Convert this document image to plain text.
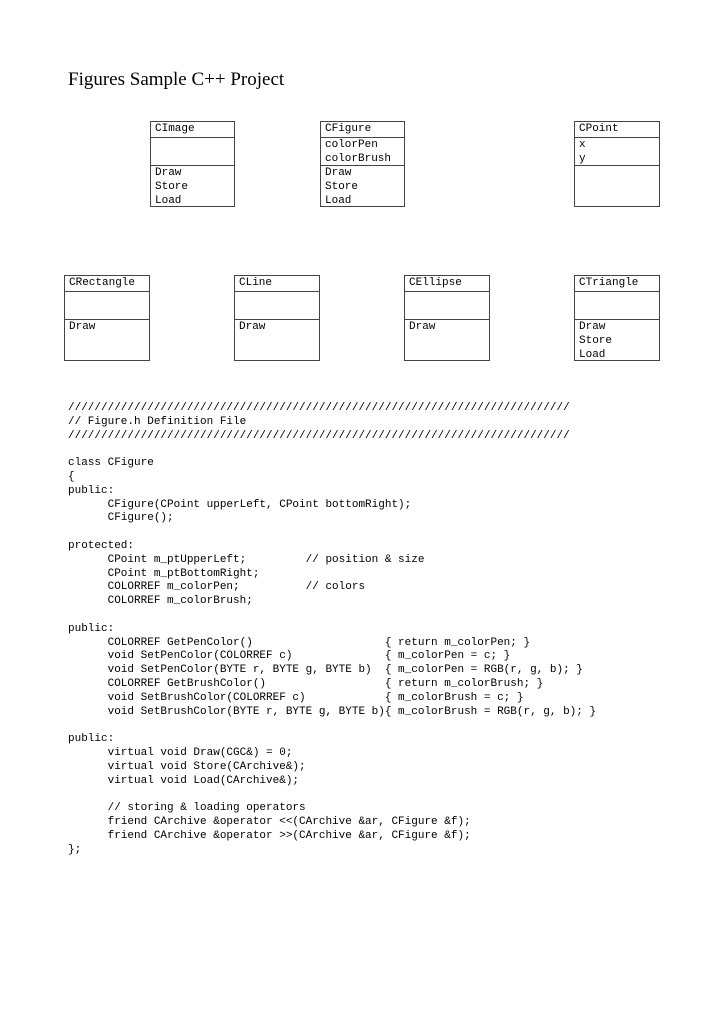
Figures Sample C++ Project
CImage
Draw
Store
Load
CFigure
colorPen
colorBrush
Draw
Store
Load
CPoint
x
y
CRectangle
Draw
CLine
Draw
CEllipse
Draw
CTriangle
Draw
Store
Load
////////////////////////////////////////////////////////////////////////////
// Figure.h Definition File
////////////////////////////////////////////////////////////////////////////

class CFigure
{
public:
CFigure(CPoint upperLeft, CPoint bottomRight);
CFigure();

protected:
CPoint m_ptUpperLeft;         // position & size
CPoint m_ptBottomRight;
COLORREF m_colorPen;          // colors
COLORREF m_colorBrush;

public:
COLORREF GetPenColor()                    { return m_colorPen; }
void SetPenColor(COLORREF c)              { m_colorPen = c; }
void SetPenColor(BYTE r, BYTE g, BYTE b)  { m_colorPen = RGB(r, g, b); }
COLORREF GetBrushColor()                  { return m_colorBrush; }
void SetBrushColor(COLORREF c)            { m_colorBrush = c; }
void SetBrushColor(BYTE r, BYTE g, BYTE b){ m_colorBrush = RGB(r, g, b); }

public:
virtual void Draw(CGC&) = 0;
virtual void Store(CArchive&);
virtual void Load(CArchive&);

// storing & loading operators
friend CArchive &operator <<(CArchive &ar, CFigure &f);
friend CArchive &operator >>(CArchive &ar, CFigure &f);
};
